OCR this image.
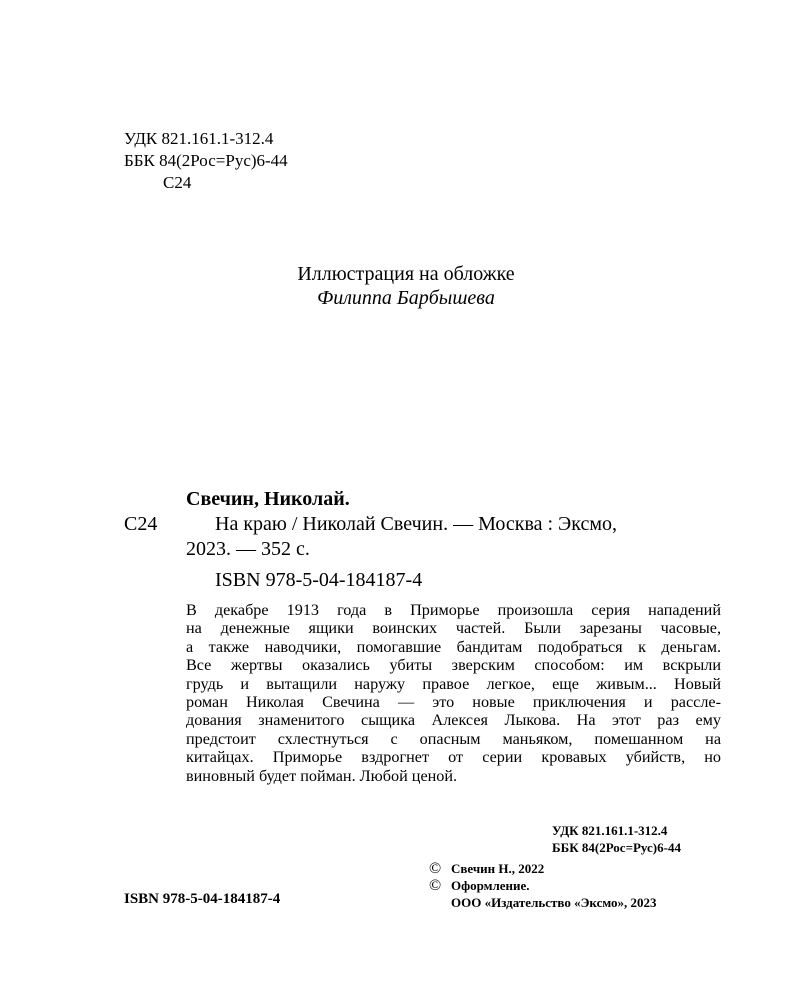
УДК 821.161.1-312.4
ББК 84(2Рос=Рус)6-44
С24
Иллюстрация на обложке
Филиппа Барбышева
Свечин, Николай.
С24	На краю / Николай Свечин. — Москва : Эксмо,
2023. — 352 с.
ISBN 978-5-04-184187-4
В декабре 1913 года в Приморье произошла серия нападений
на денежные ящики воинских частей. Были зарезаны часовые,
а также наводчики, помогавшие бандитам подобраться к деньгам.
Все жертвы оказались убиты зверским способом: им вскрыли
грудь и вытащили наружу правое легкое, еще живым... Новый
роман Николая Свечина — это новые приключения и рассле-
дования знаменитого сыщика Алексея Лыкова. На этот раз ему
предстоит схлестнуться с опасным маньяком, помешанном на
китайцах. Приморье вздрогнет от серии кровавых убийств, но
виновный будет пойман. Любой ценой.
УДК 821.161.1-312.4
ББК 84(2Рос=Рус)6-44
ISBN 978-5-04-184187-4
© Свечин Н., 2022
© Оформление.
ООО «Издательство «Эксмо», 2023
